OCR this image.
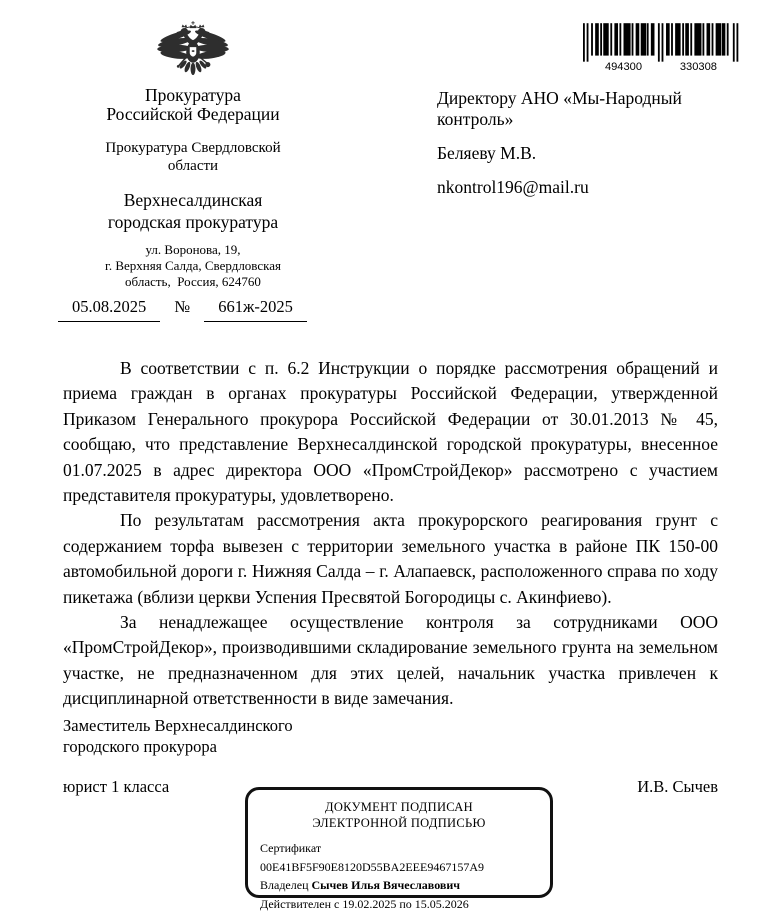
Прокуратура
Российской Федерации
Прокуратура Свердловской
области
Верхнесалдинская
городская прокуратура
ул. Воронова, 19,
г. Верхняя Салда, Свердловская
область,  Россия, 624760
05.08.2025 № 661ж-2025
494300	330308

Директору АНО «Мы-Народный контроль»

Беляеву М.В.

nkontrol196@mail.ru

В соответствии с п. 6.2 Инструкции о порядке рассмотрения обращений и приема граждан в органах прокуратуры Российской Федерации, утвержденной Приказом Генерального прокурора Российской Федерации от 30.01.2013 № 45, сообщаю, что представление Верхнесалдинской городской прокуратуры, внесенное 01.07.2025 в адрес директора ООО «ПромСтройДекор» рассмотрено с участием представителя прокуратуры, удовлетворено.

По результатам рассмотрения акта прокурорского реагирования грунт с содержанием торфа вывезен с территории земельного участка в районе ПК 150-00 автомобильной дороги г. Нижняя Салда – г. Алапаевск, расположенного справа по ходу пикетажа (вблизи церкви Успения Пресвятой Богородицы с. Акинфиево).

За ненадлежащее осуществление контроля за сотрудниками ООО «ПромСтройДекор», производившими складирование земельного грунта на земельном участке, не предназначенном для этих целей, начальник участка привлечен к дисциплинарной ответственности в виде замечания.

Заместитель Верхнесалдинского
городского прокурора
юрист 1 класса	И.В. Сычев
ДОКУМЕНТ ПОДПИСАН
ЭЛЕКТРОННОЙ ПОДПИСЬЮ
Сертификат 00E41BF5F90E8120D55BA2EEE9467157A9
Владелец Сычев Илья Вячеславович
Действителен с 19.02.2025 по 15.05.2026
